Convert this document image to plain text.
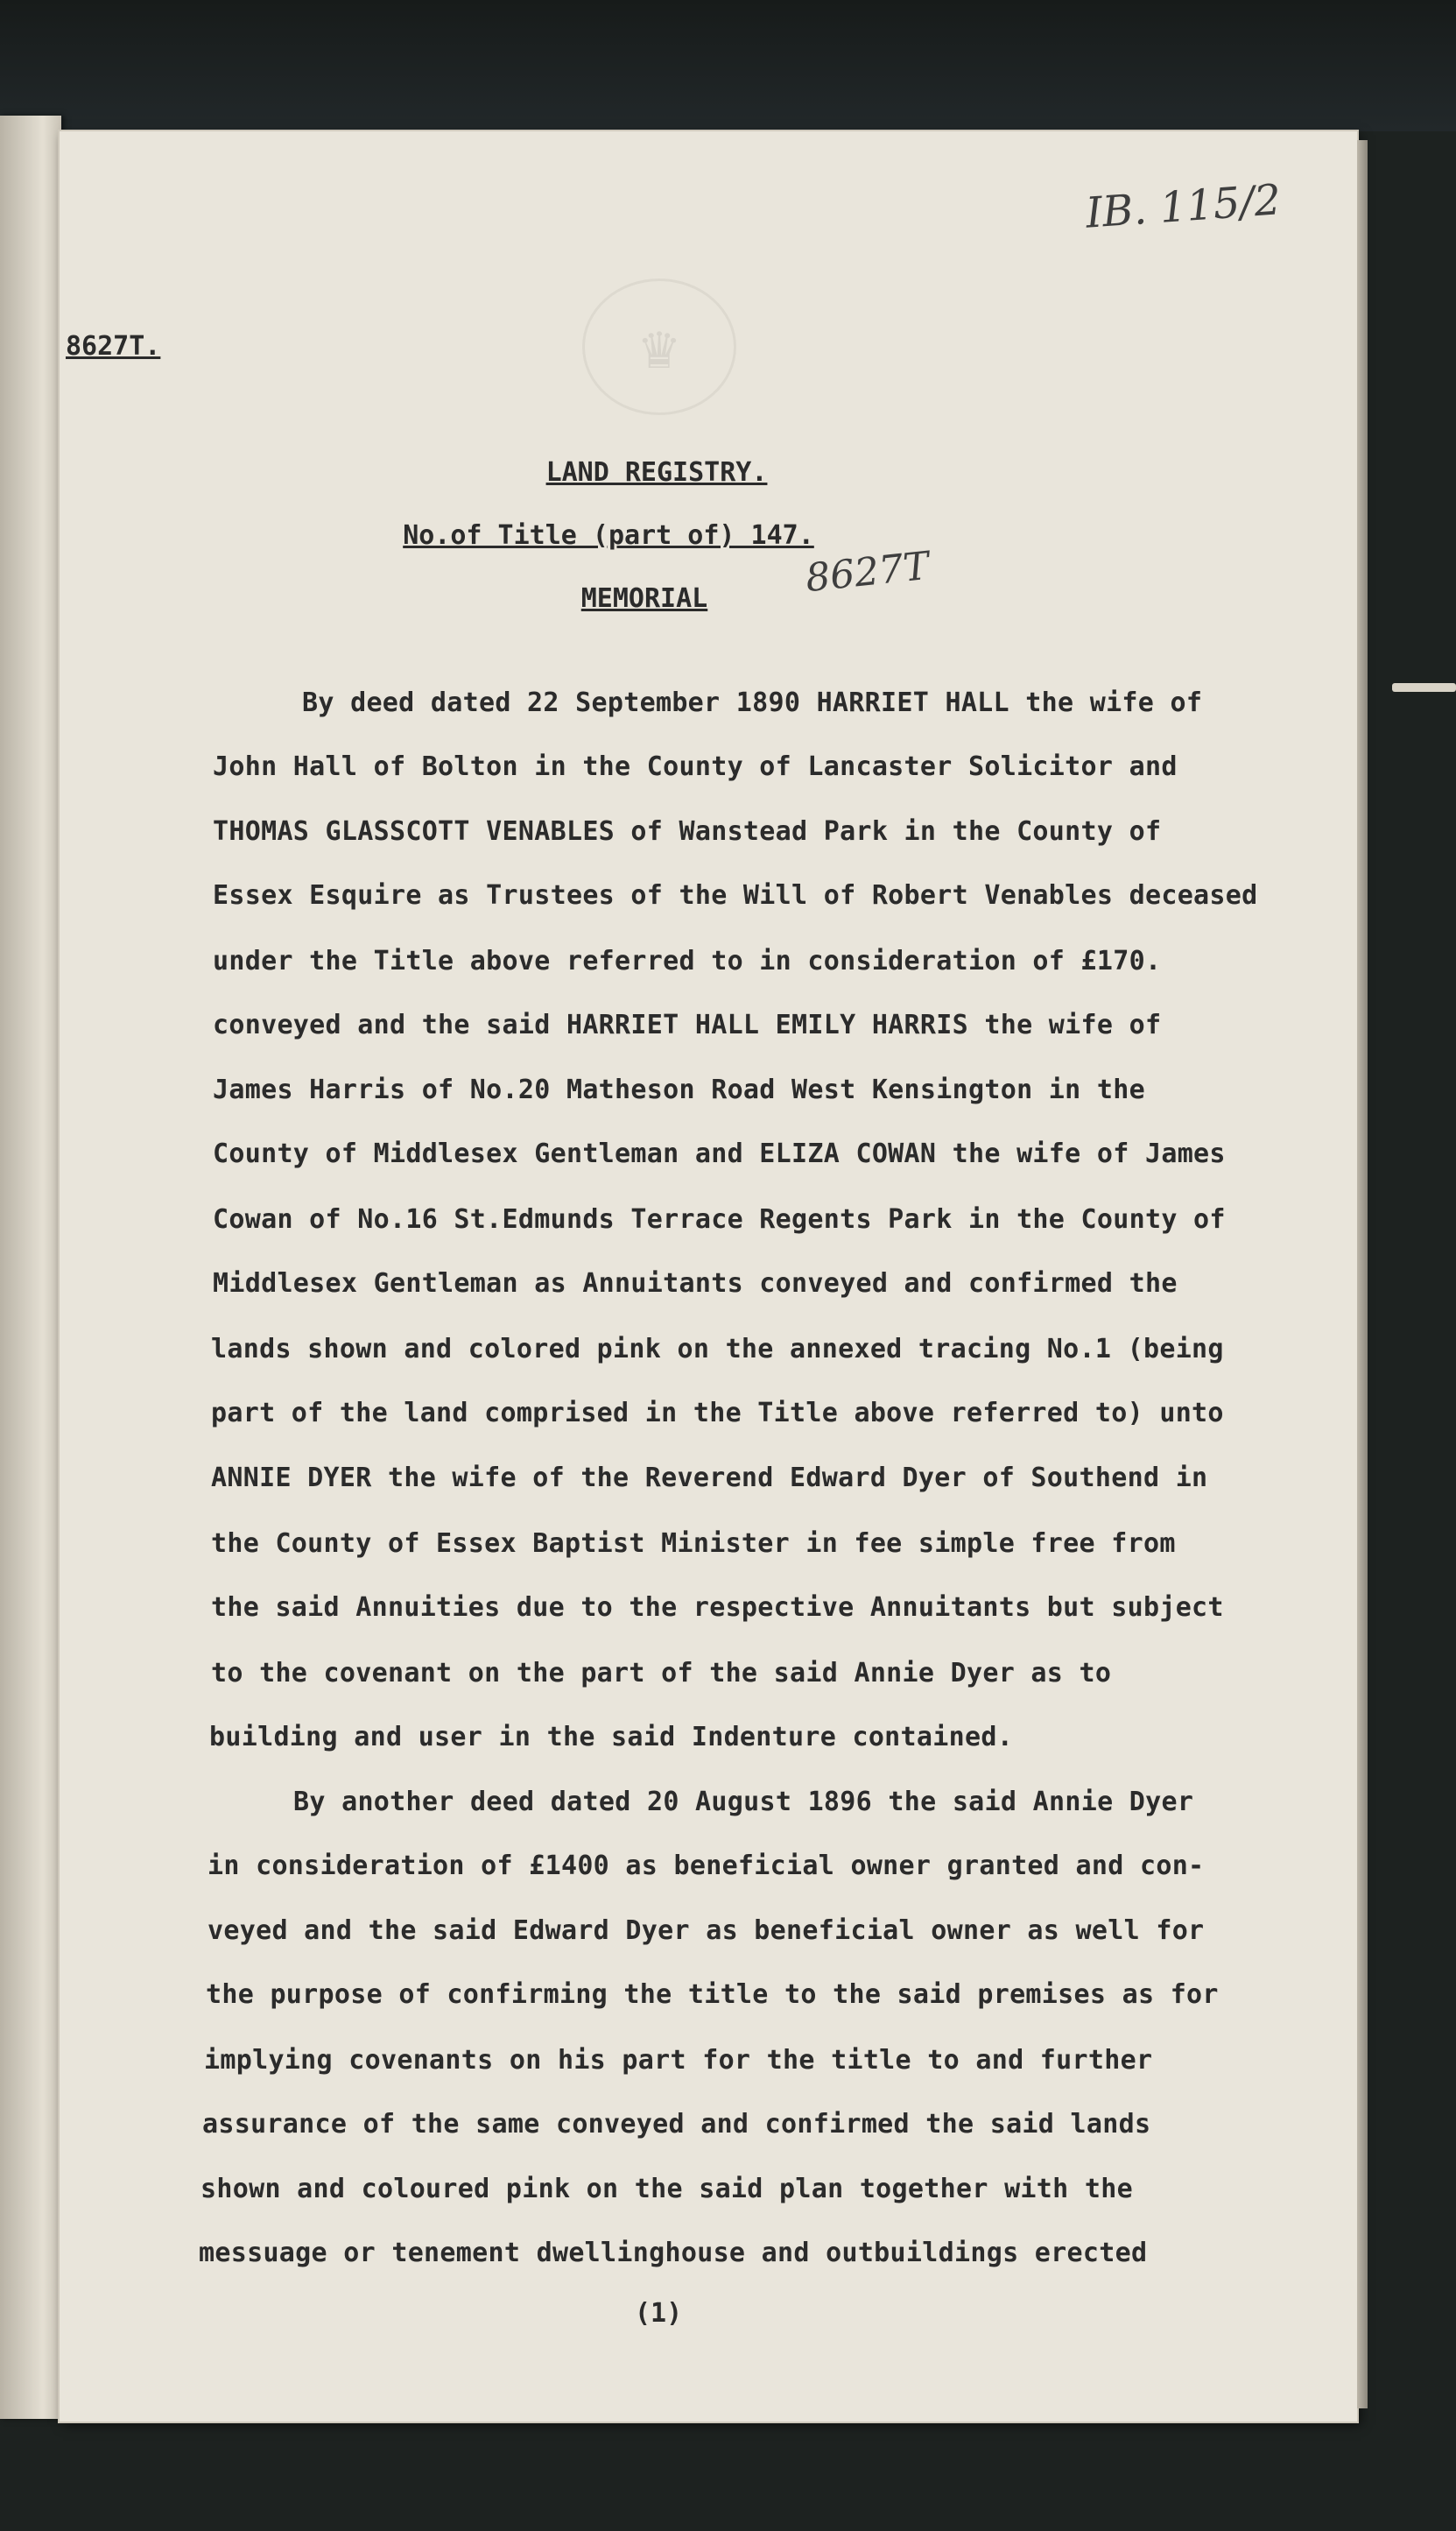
♛
8627T.
IB. 115/2
LAND REGISTRY.
No.of Title (part of) 147.
8627T
MEMORIAL
By deed dated 22 September 1890 HARRIET HALL the wife of
John Hall of Bolton in the County of Lancaster Solicitor and
THOMAS GLASSCOTT VENABLES of Wanstead Park in the County of
Essex Esquire as Trustees of the Will of Robert Venables deceased
under the Title above referred to in consideration of £170.
conveyed and the said HARRIET HALL EMILY HARRIS the wife of
James Harris of No.20 Matheson Road West Kensington in the
County of Middlesex Gentleman and ELIZA COWAN the wife of James
Cowan of No.16 St.Edmunds Terrace Regents Park in the County of
Middlesex Gentleman as Annuitants conveyed and confirmed the
lands shown and colored pink on the annexed tracing No.1 (being
part of the land comprised in the Title above referred to) unto
ANNIE DYER the wife of the Reverend Edward Dyer of Southend in
the County of Essex Baptist Minister in fee simple free from
the said Annuities due to the respective Annuitants but subject
to the covenant on the part of the said Annie Dyer as to
building and user in the said Indenture contained.
By another deed dated 20 August 1896 the said Annie Dyer
in consideration of £1400 as beneficial owner granted and con-
veyed and the said Edward Dyer as beneficial owner as well for
the purpose of confirming the title to the said premises as for
implying covenants on his part for the title to and further
assurance of the same conveyed and confirmed the said lands
shown and coloured pink on the said plan together with the
messuage or tenement dwellinghouse and outbuildings erected
(1)
